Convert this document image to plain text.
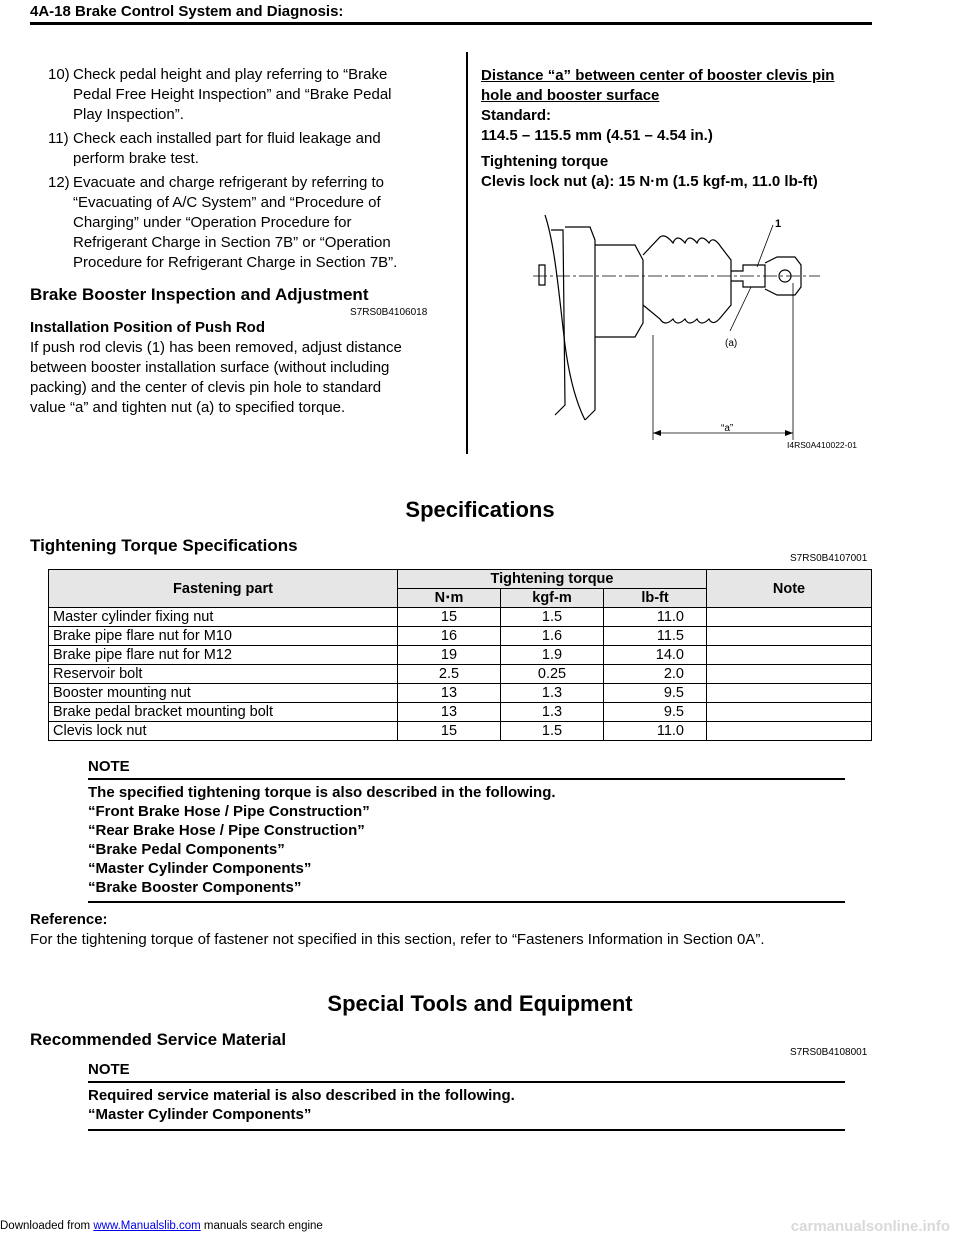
4A-18 Brake Control System and Diagnosis:
10) Check pedal height and play referring to “Brake
Pedal Free Height Inspection” and “Brake Pedal
Play Inspection”.
11) Check each installed part for fluid leakage and
perform brake test.
12) Evacuate and charge refrigerant by referring to
“Evacuating of A/C System” and “Procedure of
Charging” under “Operation Procedure for
Refrigerant Charge in Section 7B” or “Operation
Procedure for Refrigerant Charge in Section 7B”.
Brake Booster Inspection and Adjustment
S7RS0B4106018
Installation Position of Push Rod
If push rod clevis (1) has been removed, adjust distance
between booster installation surface (without including
packing) and the center of clevis pin hole to standard
value “a” and tighten nut (a) to specified torque.
Distance “a” between center of booster clevis pin
hole and booster surface
Standard:
114.5 – 115.5 mm (4.51 – 4.54 in.)
Tightening torque
Clevis lock nut (a): 15 N·m (1.5 kgf-m, 11.0 lb-ft)
1
(a)
“a”
I4RS0A410022-01
Specifications
Tightening Torque Specifications
S7RS0B4107001
Fastening part	Tightening torque			Note
	N⋅m	kgf-m	lb-ft	
Master cylinder fixing nut	15	1.5	11.0	
Brake pipe flare nut for M10	16	1.6	11.5	
Brake pipe flare nut for M12	19	1.9	14.0	
Reservoir bolt	2.5	0.25	2.0	
Booster mounting nut	13	1.3	9.5	
Brake pedal bracket mounting bolt	13	1.3	9.5	
Clevis lock nut	15	1.5	11.0	
NOTE
The specified tightening torque is also described in the following.
“Front Brake Hose / Pipe Construction”
“Rear Brake Hose / Pipe Construction”
“Brake Pedal Components”
“Master Cylinder Components”
“Brake Booster Components”
Reference:
For the tightening torque of fastener not specified in this section, refer to “Fasteners Information in Section 0A”.
Special Tools and Equipment
Recommended Service Material
S7RS0B4108001
NOTE
Required service material is also described in the following.
“Master Cylinder Components”
Downloaded from www.Manualslib.com manuals search engine	carmanualsonline.info
